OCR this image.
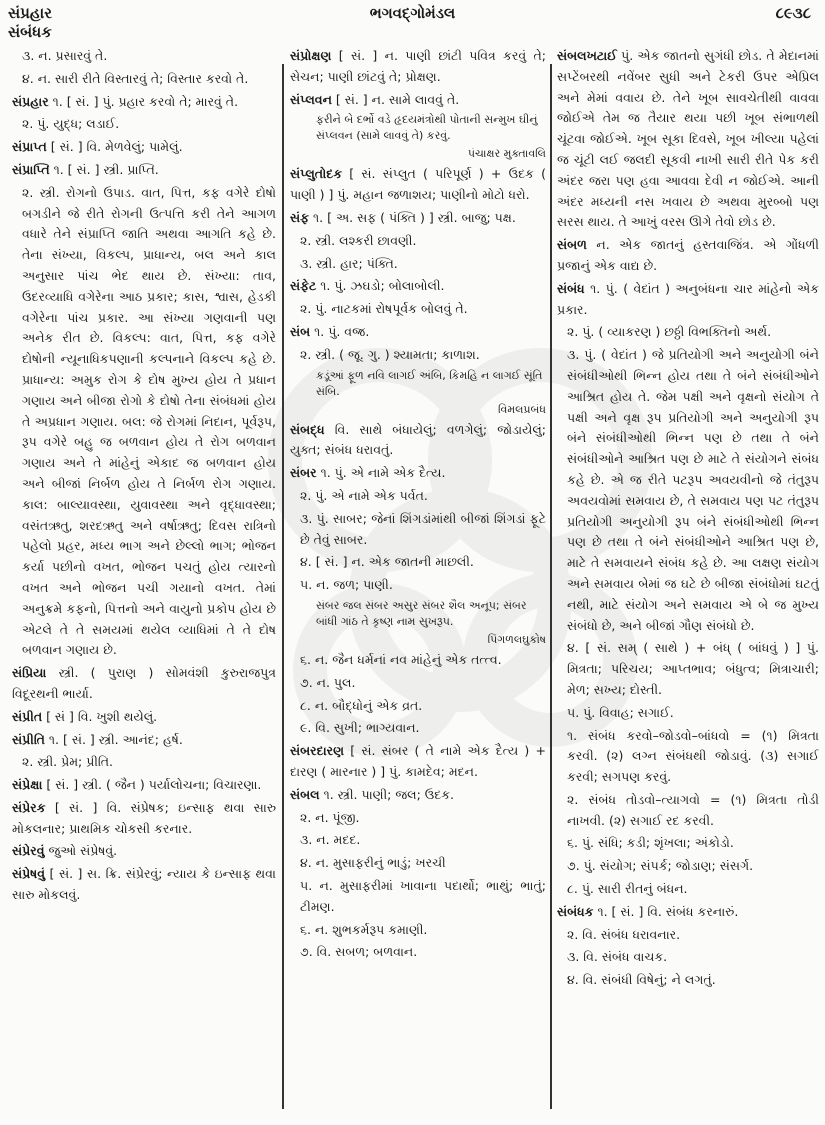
સંપ્રહાર
સંબંધક
ભગવદ્ગોમંડલ	૮૯૩૮
૩. ન. પ્રસારવું તે.
૪. ન. સારી રીતે વિસ્તારવું તે; વિસ્તાર કરવો તે.
સંપ્રહાર ૧. [ સં. ] પું. પ્રહાર કરવો તે; મારવું તે.
૨. પું. યુદ્ધ; લડાઈ.
સંપ્રાપ્ત [ સં. ] વિ. મેળવેલું; પામેલું.
સંપ્રાપ્તિ ૧. [ સં. ] સ્ત્રી. પ્રાપ્તિ.
૨. સ્ત્રી. રોગનો ઉપાડ. વાત, પિત્ત, કફ વગેરે દોષો બગડીને જે રીતે રોગની ઉત્પત્તિ કરી તેને આગળ વધારે તેને સંપ્રાપ્તિ જાતિ અથવા આગતિ કહે છે. તેના સંખ્યા, વિકલ્પ, પ્રાધાન્ય, બલ અને કાલ અનુસાર પાંચ ભેદ થાય છે. સંખ્યા: તાવ, ઉદરવ્યાધિ વગેરેના આઠ પ્રકાર; કાસ, શ્વાસ, હેડકી વગેરેના પાંચ પ્રકાર. આ સંખ્યા ગણવાની પણ અનેક રીત છે. વિકલ્પ: વાત, પિત્ત, કફ વગેરે દોષોની ન્યૂનાધિકપણાની કલ્પનાને વિકલ્પ કહે છે. પ્રાધાન્ય: અમુક રોગ કે દોષ મુખ્ય હોય તે પ્રધાન ગણાય અને બીજા રોગો કે દોષો તેના સંબંધમાં હોય તે અપ્રધાન ગણાય. બલ: જે રોગમાં નિદાન, પૂર્વરૂપ, રૂપ વગેરે બહુ જ બળવાન હોય તે રોગ બળવાન ગણાય અને તે માંહેનું એકાદ જ બળવાન હોય અને બીજાં નિર્બળ હોય તે નિર્બળ રોગ ગણાય. કાલ: બાલ્યાવસ્થા, યુવાવસ્થા અને વૃદ્ધાવસ્થા; વસંતઋતુ, શરદઋતુ અને વર્ષાઋતુ; દિવસ રાત્રિનો પહેલો પ્રહર, મધ્ય ભાગ અને છેલ્લો ભાગ; ભોજન કર્યા પછીનો વખત, ભોજન પચતું હોય ત્યારનો વખત અને ભોજન પચી ગયાનો વખત. તેમાં અનુક્રમે કફનો, પિત્તનો અને વાયુનો પ્રકોપ હોય છે એટલે તે તે સમયમાં થયેલ વ્યાધિમાં તે તે દોષ બળવાન ગણાય છે.
સંપ્રિયા સ્ત્રી. ( પુરાણ ) સોમવંશી કુરુરાજપુત્ર વિદૂરથની ભાર્યા.
સંપ્રીત [ સં ] વિ. ખુશી થયેલું.
સંપ્રીતિ ૧. [ સં. ] સ્ત્રી. આનંદ; હર્ષ.
૨. સ્ત્રી. પ્રેમ; પ્રીતિ.
સંપ્રેક્ષા [ સં. ] સ્ત્રી. ( જૈન ) પર્યાલોચના; વિચારણા.
સંપ્રેરક [ સં. ] વિ. સંપ્રેષક; ઇન્સાફ થવા સારુ મોકલનાર; પ્રાથમિક ચોકસી કરનાર.
સંપ્રેરવું જુઓ સંપ્રેષવું.
સંપ્રેષવું [ સં. ] સ. ક્રિ. સંપ્રેરવું; ન્યાય કે ઇન્સાફ થવા સારુ મોકલવું.
સંપ્રોક્ષણ [ સં. ] ન. પાણી છાંટી પવિત્ર કરવું તે; સેચન; પાણી છાંટવું તે; પ્રોક્ષણ.
સંપ્લવન [ સં. ] ન. સામે લાવવું તે.
ફરીને બે દર્ભો વડે હૃદયમંત્રોથી પોતાની સન્મુખ ઘીનું સંપ્લવન (સામે લાવવું તે) કરવું.
પંચાક્ષર મુક્તાવલિ
સંપ્લુતોદક [ સં. સંપ્લુત ( પરિપૂર્ણ ) + ઉદક ( પાણી ) ] પું. મહાન જળાશય; પાણીનો મોટો ધરો.
સંફ ૧. [ અ. સફ ( પંક્તિ ) ] સ્ત્રી. બાજુ; પક્ષ.
૨. સ્ત્રી. લશ્કરી છાવણી.
૩. સ્ત્રી. હાર; પંક્તિ.
સંફેટ ૧. પું. ઝઘડો; બોલાબોલી.
૨. પું. નાટકમાં રોષપૂર્વક બોલવું તે.
સંબ ૧. પું. વજ્ર.
૨. સ્ત્રી. ( જૂ. ગુ. ) શ્યામતા; કાળાશ.
કડૂંઆં ફૂળ નવિ લાગઈ અંબિ, કિમહિ ન લાગઈ સૂંતિ સંબિ.
વિમલપ્રબંધ
સંબદ્ધ વિ. સાથે બંધાયેલું; વળગેલું; જોડાયેલું; યુક્ત; સંબંધ ધરાવતું.
સંબર ૧. પું. એ નામે એક દૈત્ય.
૨. પું. એ નામે એક પર્વત.
૩. પું. સાબર; જેનાં શિંગડાંમાંથી બીજાં શિંગડાં ફૂટે છે તેવું સાબર.
૪. [ સં. ] ન. એક જાતની માછલી.
૫. ન. જળ; પાણી.
સંબર જલ સંબર અસુર સંબર શૈલ અનૂપ; સંબર બાંધી ગાંઠ તે કૃષ્ણ નામ સુખરૂપ.
પિંગળલઘુકોષ
૬. ન. જૈન ધર્મનાં નવ માંહેનું એક તત્ત્વ.
૭. ન. પુલ.
૮. ન. બૌદ્ધોનું એક વ્રત.
૯. વિ. સુખી; ભાગ્યવાન.
સંબરદારણ [ સં. સંબર ( તે નામે એક દૈત્ય ) + દારણ ( મારનાર ) ] પું. કામદેવ; મદન.
સંબલ ૧. સ્ત્રી. પાણી; જલ; ઉદક.
૨. ન. પૂંજી.
૩. ન. મદદ.
૪. ન. મુસાફરીનું ભાડું; ખરચી
૫. ન. મુસાફરીમાં ખાવાના પદાર્થો; ભાથું; ભાતું; ટીમણ.
૬. ન. શુભકર્મરૂપ કમાણી.
૭. વિ. સબળ; બળવાન.
સંબલખટાઈ પું. એક જાતનો સુગંધી છોડ. તે મેદાનમાં સપ્ટેંબરથી નવેંબર સુધી અને ટેકરી ઉપર એપ્રિલ અને મેમાં વવાય છે. તેને ખૂબ સાવચેતીથી વાવવા જોઈએ તેમ જ તૈયાર થયા પછી ખૂબ સંભાળથી ચૂંટવા જોઈએ. ખૂબ સૂકા દિવસે, ખૂબ ખીલ્યા પહેલાં જ ચૂંટી લઈ જલદી સૂકવી નાખી સારી રીતે પેક કરી અંદર જરા પણ હવા આવવા દેવી ન જોઈએ. આની અંદર મધ્યની નસ ખવાય છે અથવા મુરબ્બો પણ સરસ થાય. તે આખું વરસ ઊગે તેવો છોડ છે.
સંબળ ન. એક જાતનું હસ્તવાજિંત્ર. એ ગોંધળી પ્રજાનું એક વાદ્ય છે.
સંબંધ ૧. પું. ( વેદાંત ) અનુબંધના ચાર માંહેનો એક પ્રકાર.
૨. પું. ( વ્યાકરણ ) છઠ્ઠી વિભક્તિનો અર્થ.
૩. પું. ( વેદાંત ) જે પ્રતિયોગી અને અનુયોગી બંને સંબંધીઓથી ભિન્ન હોય તથા તે બંને સંબંધીઓને આશ્રિત હોય તે. જેમ પક્ષી અને વૃક્ષનો સંયોગ તે પક્ષી અને વૃક્ષ રૂપ પ્રતિયોગી અને અનુયોગી રૂપ બંને સંબંધીઓથી ભિન્ન પણ છે તથા તે બંને સંબંધીઓને આશ્રિત પણ છે માટે તે સંયોગને સંબંધ કહે છે. એ જ રીતે પટરૂપ અવયવીનો જે તંતુરૂપ અવયવોમાં સમવાય છે, તે સમવાય પણ પટ તંતુરૂપ પ્રતિયોગી અનુયોગી રૂપ બંને સંબંધીઓથી ભિન્ન પણ છે તથા તે બંને સંબંધીઓને આશ્રિત પણ છે, માટે તે સમવાયને સંબંધ કહે છે. આ લક્ષણ સંયોગ અને સમવાય બેમાં જ ઘટે છે બીજા સંબંધોમાં ઘટતું નથી, માટે સંયોગ અને સમવાય એ બે જ મુખ્ય સંબંધો છે, અને બીજાં ગૌણ સંબંધો છે.
૪. [ સં. સમ્ ( સાથે ) + બંધ્ ( બાંધવું ) ] પું. મિત્રતા; પરિચય; આપ્તભાવ; બંધુત્વ; મિત્રાચારી; મેળ; સખ્ય; દોસ્તી.
૫. પું. વિવાહ; સગાઈ.
૧. સંબંધ કરવો–જોડવો–બાંધવો = (૧) મિત્રતા કરવી. (૨) લગ્ન સંબંધથી જોડાવું. (૩) સગાઈ કરવી; સગપણ કરવું.
૨. સંબંધ તોડવો–ત્યાગવો = (૧) મિત્રતા તોડી નાખવી. (૨) સગાઈ રદ કરવી.
૬. પું. સંધિ; કડી; શૃંખલા; અંકોડો.
૭. પું. સંયોગ; સંપર્ક; જોડાણ; સંસર્ગ.
૮. પું. સારી રીતનું બંધન.
સંબંધક ૧. [ સં. ] વિ. સંબંધ કરનારું.
૨. વિ. સંબંધ ધરાવનાર.
૩. વિ. સંબંધ વાચક.
૪. વિ. સંબંધી વિષેનું; ને લગતું.
